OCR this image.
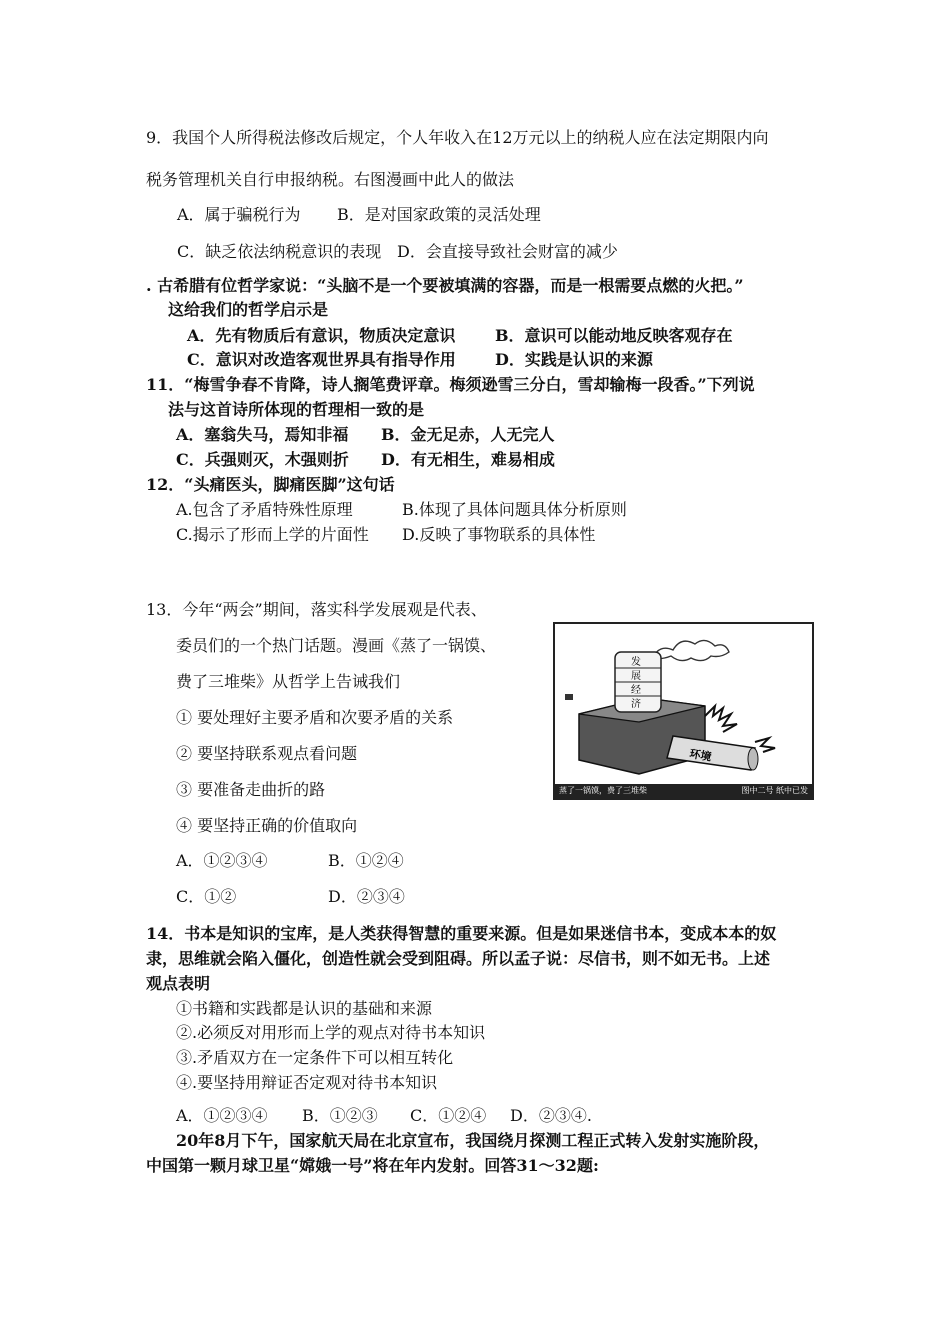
9．我国个人所得税法修改后规定，个人年收入在12万元以上的纳税人应在法定期限内向
税务管理机关自行申报纳税。右图漫画中此人的做法
A．属于骗税行为 B．是对国家政策的灵活处理
C．缺乏依法纳税意识的表现 D．会直接导致社会财富的减少
. 古希腊有位哲学家说：“头脑不是一个要被填满的容器，而是一根需要点燃的火把。”
这给我们的哲学启示是
A．先有物质后有意识，物质决定意识 B．意识可以能动地反映客观存在
C．意识对改造客观世界具有指导作用 D．实践是认识的来源
11．“梅雪争春不肯降，诗人搁笔费评章。梅须逊雪三分白，雪却输梅一段香。”下列说
法与这首诗所体现的哲理相一致的是
A．塞翁失马，焉知非福 B．金无足赤，人无完人
C．兵强则灭，木强则折 D．有无相生，难易相成
12．“头痛医头，脚痛医脚”这句话
A.包含了矛盾特殊性原理	B.体现了具体问题具体分析原则
C.揭示了形而上学的片面性 D.反映了事物联系的具体性
13．今年“两会”期间，落实科学发展观是代表、
委员们的一个热门话题。漫画《蒸了一锅馍、
费了三堆柴》从哲学上告诫我们
① 要处理好主要矛盾和次要矛盾的关系
② 要坚持联系观点看问题
③ 要准备走曲折的路
④ 要坚持正确的价值取向
A．①②③④	B．①②④
C．①②	D．②③④
发
展
经
济
环境
蒸了一锅馍，费了三堆柴	图中二号 纸中已发
14．书本是知识的宝库，是人类获得智慧的重要来源。但是如果迷信书本，变成本本的奴
隶，思维就会陷入僵化，创造性就会受到阻碍。所以孟子说：尽信书，则不如无书。上述
观点表明
①书籍和实践都是认识的基础和来源
②.必须反对用形而上学的观点对待书本知识
③.矛盾双方在一定条件下可以相互转化
④.要坚持用辩证否定观对待书本知识
A．①②③④ B．①②③ C．①②④ D．②③④.
20年8月下午，国家航天局在北京宣布，我国绕月探测工程正式转入发射实施阶段，
中国第一颗月球卫星“嫦娥一号”将在年内发射。回答31～32题:
